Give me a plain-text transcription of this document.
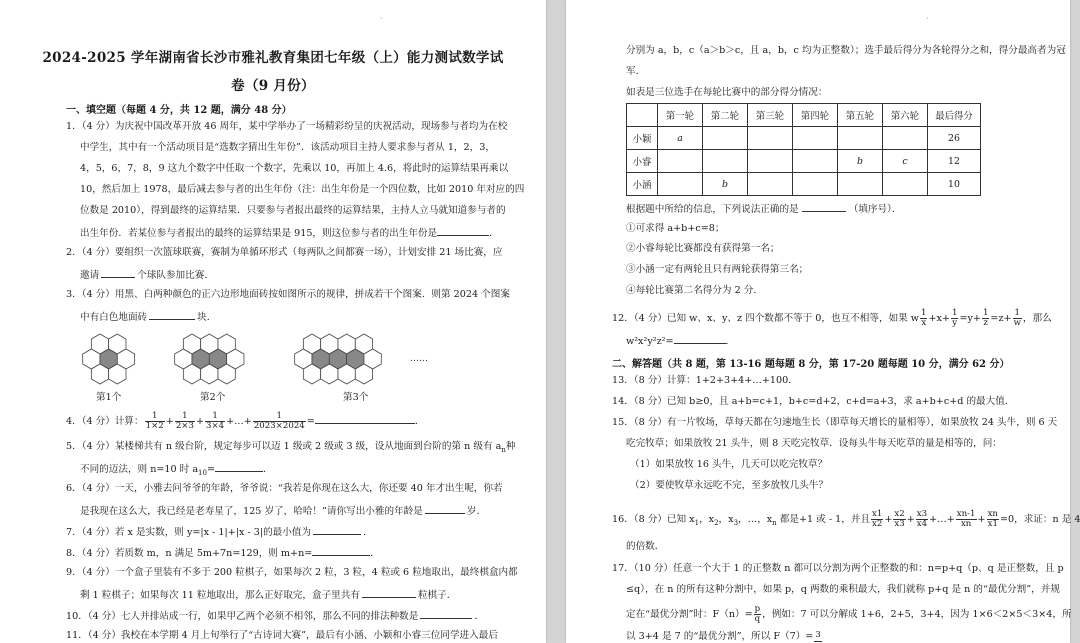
·
2024-2025 学年湖南省长沙市雅礼教育集团七年级（上）能力测试数学试
卷（9 月份）
一、填空题（每题 4 分，共 12 题，满分 48 分）
1．（4 分）为庆祝中国改革开放 46 周年，某中学举办了一场精彩纷呈的庆祝活动，现场参与者均为在校
中学生，其中有一个活动项目是“选数字猜出生年份”．该活动项目主持人要求参与者从 1，2，3，
4，5，6，7，8，9 这九个数字中任取一个数字，先乘以 10，再加上 4.6，将此时的运算结果再乘以
10，然后加上 1978，最后减去参与者的出生年份（注：出生年份是一个四位数，比如 2010 年对应的四
位数是 2010），得到最终的运算结果．只要参与者报出最终的运算结果，主持人立马就知道参与者的
出生年份．若某位参与者报出的最终的运算结果是 915，则这位参与者的出生年份是	．
2．（4 分）要组织一次篮球联赛，赛制为单循环形式（每两队之间都赛一场），计划安排 21 场比赛，应
邀请	个球队参加比赛．
3．（4 分）用黑、白两种颜色的正六边形地面砖按如图所示的规律，拼成若干个图案．则第 2024 个图案
中有白色地面砖	块．
……
第1个	第2个	第3个
4．（4 分）计算： $\frac{1}{1\times 2} + \frac{1}{2\times 3} + \frac{1}{3\times 4}$ +…+ $\frac{1}{2023\times 2024}$ =	．
5．（4 分）某楼梯共有 n 级台阶，规定每步可以迈 1 级或 2 级或 3 级，设从地面到台阶的第 n 级有 $a_n$种
不同的迈法，则 n=10 时 $a_{10}=$	．
6．（4 分）一天，小雅去问爷爷的年龄，爷爷说：“我若是你现在这么大，你还要 40 年才出生呢，你若
是我现在这么大，我已经是老寿星了，125 岁了，哈哈！”请你写出小雅的年龄是	岁．
7．（4 分）若 x 是实数，则 y=|x - 1|+|x - 3|的最小值为	．
8．（4 分）若质数 m，n 满足 5m+7n=129，则 m+n=	．
9．（4 分）一个盒子里装有不多于 200 粒棋子，如果每次 2 粒，3 粒，4 粒或 6 粒地取出，最终棋盒内都
剩 1 粒棋子；如果每次 11 粒地取出，那么正好取完，盒子里共有	粒棋子．
10．（4 分）七人并排站成一行，如果甲乙两个必须不相邻，那么不同的排法种数是	．
11．（4 分）我校在本学期 4 月上旬举行了“古诗词大赛”，最后有小涵、小颖和小睿三位同学进入最后
·
分别为 a，b，c（a＞b＞c，且 a，b，c 均为正整数）；选手最后得分为各轮得分之和，得分最高者为冠
军．
如表是三位选手在每轮比赛中的部分得分情况：
	第一轮	第二轮	第三轮	第四轮	第五轮	第六轮	最后得分
小颖	a						26
小睿					b	c	12
小涵		b					10
根据题中所给的信息，下列说法正确的是	（填序号）．
①可求得 a+b+c=8；
②小睿每轮比赛都没有获得第一名；
③小涵一定有两轮且只有两轮获得第三名；
④每轮比赛第二名得分为 2 分．
12．（4 分）已知 w、x、y、z 四个数都不等于 0，也互不相等，如果 w $\frac{1}{x} +x+ \frac{1}{y} =y+ \frac{1}{z} =z+ \frac{1}{w}$ ，那么
w²x²y²z²=	．
二、解答题（共 8 题，第 13-16 题每题 8 分，第 17-20 题每题 10 分，满分 62 分）
13．（8 分）计算：1+2+3+4+…+100．
14．（8 分）已知 b≥0，且 a+b=c+1，b+c=d+2，c+d=a+3，求 a+b+c+d 的最大值．
15．（8 分）有一片牧场，草每天都在匀速地生长（即草每天增长的量相等），如果放牧 24 头牛，则 6 天
吃完牧草；如果放牧 21 头牛，则 8 天吃完牧草．设每头牛每天吃草的量是相等的，问：
（1）如果放牧 16 头牛，几天可以吃完牧草？
（2）要使牧草永远吃不完，至多放牧几头牛？
16．（8 分）已知 $x_1$，$x_2$，$x_3$，…，$x_n$ 都是+1 或 - 1，并且 $\frac{x1}{x2} + \frac{x2}{x3} + \frac{x3}{x4}$ +…+ $\frac{xn-1}{xn} + \frac{xn}{x1} =0$，求证：n 是 4
的倍数．
17．（10 分）任意一个大于 1 的正整数 n 都可以分割为两个正整数的和：n=p+q（p、q 是正整数，且 p
≤q），在 n 的所有这种分割中，如果 p，q 两数的乘积最大，我们就称 p+q 是 n 的“最优分割”，并规
定在“最优分割”时：$F(n)= \frac{p}{q}$ ，例如：7 可以分解成 1+6，2+5，3+4，因为 1×6＜2×5＜3×4，所
以 3+4 是 7 的“最优分割”，所以 F（7）= 3
